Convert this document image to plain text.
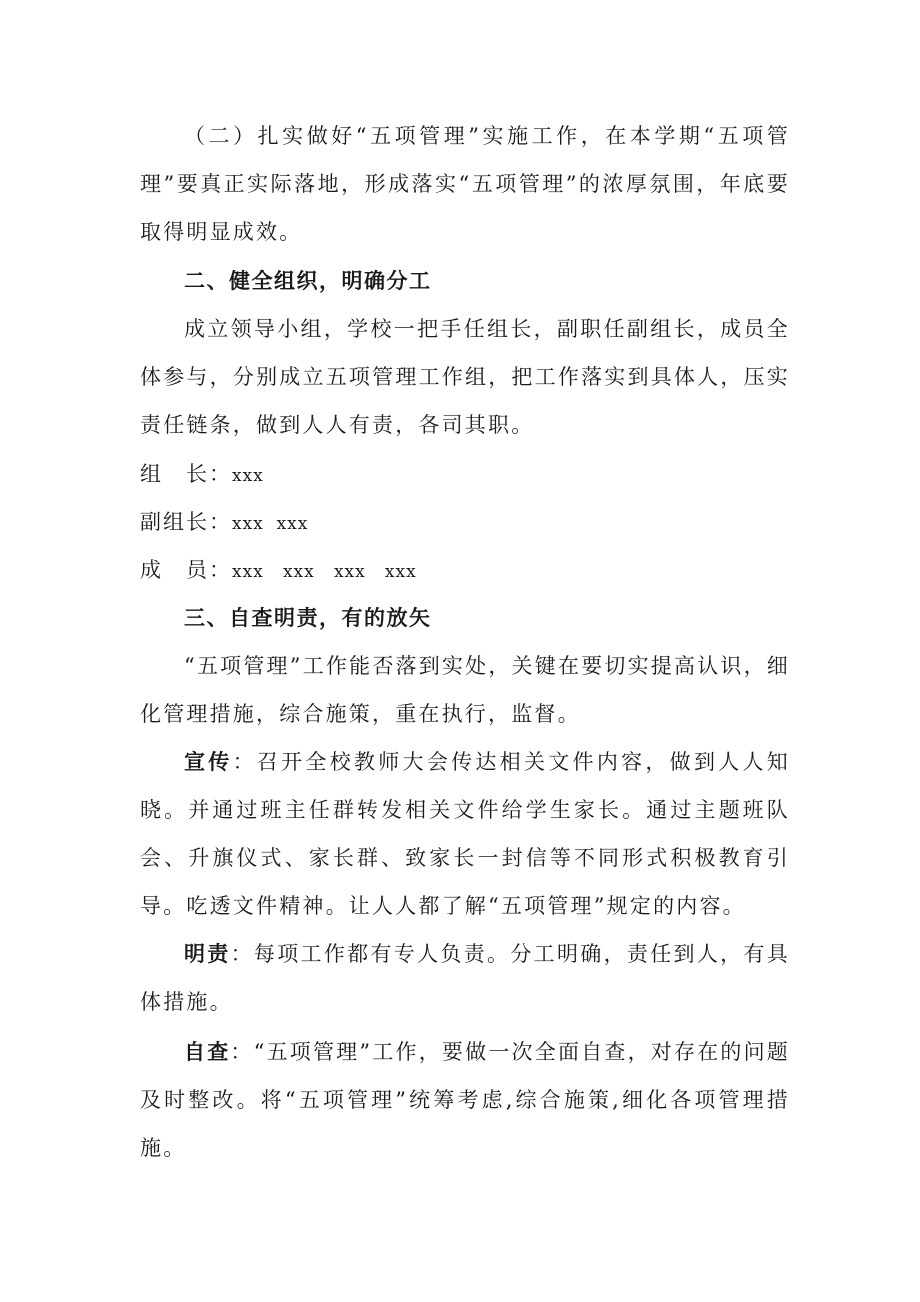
（二）扎实做好“五项管理”实施工作，在本学期“五项管理”要真正实际落地，形成落实“五项管理”的浓厚氛围，年底要取得明显成效。

二、健全组织，明确分工

成立领导小组，学校一把手任组长，副职任副组长，成员全体参与，分别成立五项管理工作组，把工作落实到具体人，压实责任链条，做到人人有责，各司其职。

组　长：xxx

副组长：xxx  xxx

成　员：xxx   xxx   xxx   xxx

三、自查明责，有的放矢

“五项管理”工作能否落到实处，关键在要切实提高认识，细化管理措施，综合施策，重在执行，监督。

宣传：召开全校教师大会传达相关文件内容，做到人人知晓。并通过班主任群转发相关文件给学生家长。通过主题班队会、升旗仪式、家长群、致家长一封信等不同形式积极教育引导。吃透文件精神。让人人都了解“五项管理”规定的内容。

明责：每项工作都有专人负责。分工明确，责任到人，有具体措施。

自查：“五项管理”工作，要做一次全面自查，对存在的问题及时整改。将“五项管理”统筹考虑,综合施策,细化各项管理措施。
